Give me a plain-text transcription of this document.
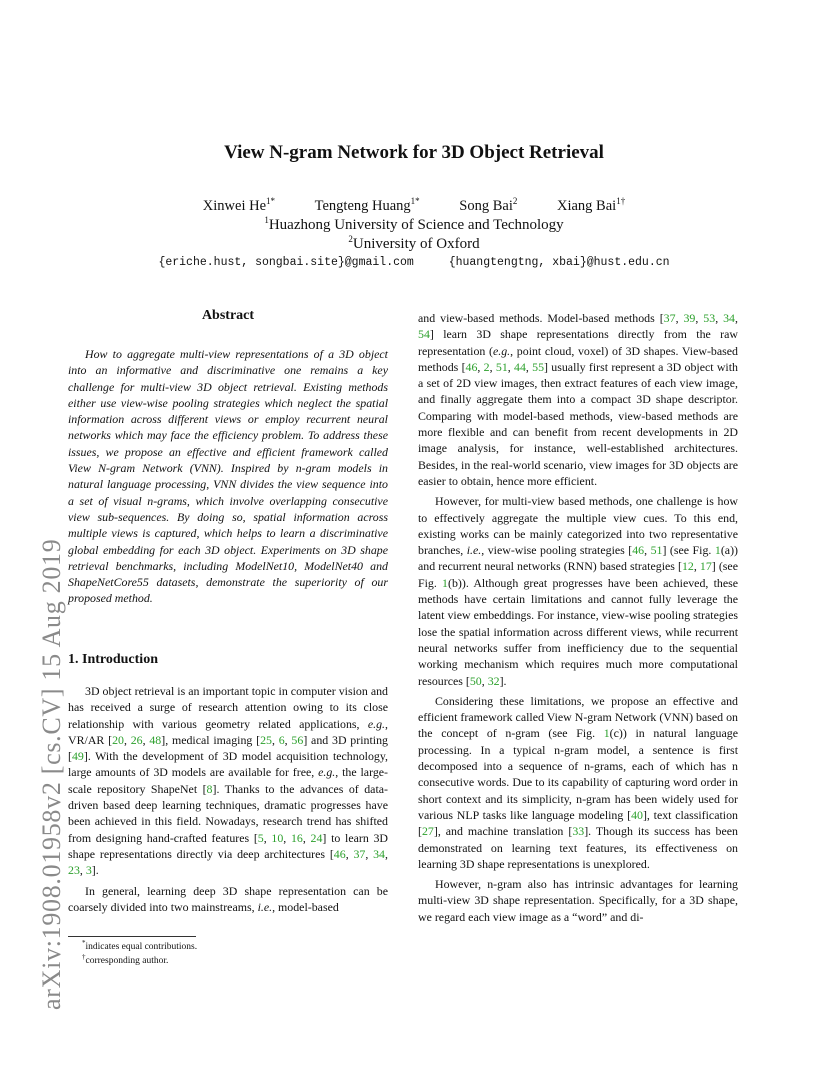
arXiv:1908.01958v2 [cs.CV] 15 Aug 2019
View N-gram Network for 3D Object Retrieval
Xinwei $He^{1*}$	Tengteng Huang$^{1*}$	Song Bai$^2$	Xiang Bai$^{1\dagger}$
$^1$Huazhong University of Science and Technology
$^2$University of Oxford
{eriche.hust, songbai.site}@gmail.com	{huangtengtng, xbai}@hust.edu.cn
Abstract

How to aggregate multi-view representations of a 3D object into an informative and discriminative one remains a key challenge for multi-view 3D object retrieval. Existing methods either use view-wise pooling strategies which neglect the spatial information across different views or employ recurrent neural networks which may face the efficiency problem. To address these issues, we propose an effective and efficient framework called View N-gram Network (VNN). Inspired by n-gram models in natural language processing, VNN divides the view sequence into a set of visual n-grams, which involve overlapping consecutive view sub-sequences. By doing so, spatial information across multiple views is captured, which helps to learn a discriminative global embedding for each 3D object. Experiments on 3D shape retrieval benchmarks, including ModelNet10, ModelNet40 and ShapeNetCore55 datasets, demonstrate the superiority of our proposed method.

1. Introduction

3D object retrieval is an important topic in computer vision and has received a surge of research attention owing to its close relationship with various geometry related applications, e.g., VR/AR [20, 26, 48], medical imaging [25, 6, 56] and 3D printing [49]. With the development of 3D model acquisition technology, large amounts of 3D models are available for free, e.g., the large-scale repository ShapeNet [8]. Thanks to the advances of data-driven based deep learning techniques, dramatic progresses have been achieved in this field. Nowadays, research trend has shifted from designing hand-crafted features [5, 10, 16, 24] to learn 3D shape representations directly via deep architectures [46, 37, 34, 23, 3].

In general, learning deep 3D shape representation can be coarsely divided into two mainstreams, i.e., model-based

*indicates equal contributions.
†corresponding author.

and view-based methods. Model-based methods [37, 39, 53, 34, 54] learn 3D shape representations directly from the raw representation (e.g., point cloud, voxel) of 3D shapes. View-based methods [46, 2, 51, 44, 55] usually first represent a 3D object with a set of 2D view images, then extract features of each view image, and finally aggregate them into a compact 3D shape descriptor. Comparing with model-based methods, view-based methods are more flexible and can benefit from recent developments in 2D image analysis, for instance, well-established architectures. Besides, in the real-world scenario, view images for 3D objects are easier to obtain, hence more efficient.

However, for multi-view based methods, one challenge is how to effectively aggregate the multiple view cues. To this end, existing works can be mainly categorized into two representative branches, i.e., view-wise pooling strategies [46, 51] (see Fig. 1(a)) and recurrent neural networks (RNN) based strategies [12, 17] (see Fig. 1(b)). Although great progresses have been achieved, these methods have certain limitations and cannot fully leverage the latent view embeddings. For instance, view-wise pooling strategies lose the spatial information across different views, while recurrent neural networks suffer from inefficiency due to the sequential working mechanism which requires much more computational resources [50, 32].

Considering these limitations, we propose an effective and efficient framework called View N-gram Network (VNN) based on the concept of n-gram (see Fig. 1(c)) in natural language processing. In a typical n-gram model, a sentence is first decomposed into a sequence of n-grams, each of which has n consecutive words. Due to its capability of capturing word order in short context and its simplicity, n-gram has been widely used for various NLP tasks like language modeling [40], text classification [27], and machine translation [33]. Though its success has been demonstrated on learning text features, its effectiveness on learning 3D shape representations is unexplored.

However, n-gram also has intrinsic advantages for learning multi-view 3D shape representation. Specifically, for a 3D shape, we regard each view image as a “word” and di-
